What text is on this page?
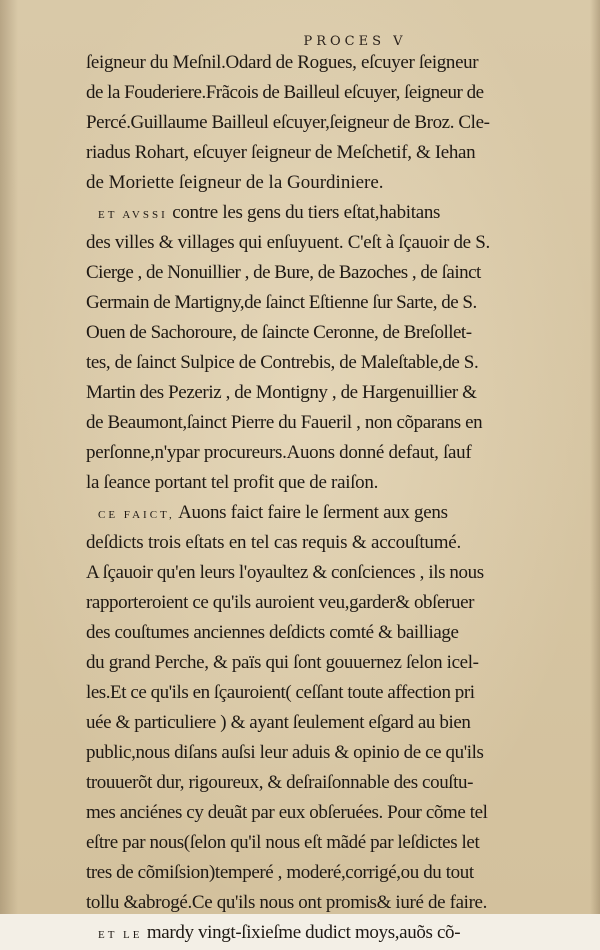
PROCES V
ſeigneur du Meſnil.Odard de Rogues, eſcuyer ſeigneur
de la Fouderiere.Frãcois de Bailleul eſcuyer, ſeigneur de
Percé.Guillaume Bailleul eſcuyer,ſeigneur de Broz. Cle-
riadus Rohart, eſcuyer ſeigneur de Meſchetif, & Iehan
de Moriette ſeigneur de la Gourdiniere.
ET AVSSI contre les gens du tiers eſtat,habitans
des villes & villages qui enſuyuent. C'eſt à ſçauoir de S.
Cierge , de Nonuillier , de Bure, de Bazoches , de ſainct
Germain de Martigny,de ſainct Eſtienne ſur Sarte, de S.
Ouen de Sachoroure, de ſaincte Ceronne, de Breſollet-
tes, de ſainct Sulpice de Contrebis, de Maleſtable,de S.
Martin des Pezeriz , de Montigny , de Hargenuillier &
de Beaumont,ſainct Pierre du Faueril , non cõparans en
perſonne,n'ypar procureurs.Auons donné defaut, ſauf
la ſeance portant tel profit que de raiſon.
CE FAICT, Auons faict faire le ſerment aux gens
deſdicts trois eſtats en tel cas requis & accouſtumé.
A ſçauoir qu'en leurs l'oyaultez & conſciences , ils nous
rapporteroient ce qu'ils auroient veu,garder& obſeruer
des couſtumes anciennes deſdicts comté & bailliage
du grand Perche, & païs qui ſont gouuernez ſelon icel-
les.Et ce qu'ils en ſçauroient( ceſſant toute affection pri
uée & particuliere ) & ayant ſeulement eſgard au bien
public,nous diſans auſsi leur aduis & opinio de ce qu'ils
trouuerõt dur, rigoureux, & deſraiſonnable des couſtu-
mes anciénes cy deuãt par eux obſeruées. Pour cõme tel
eſtre par nous(ſelon qu'il nous eſt mãdé par leſdictes let
tres de cõmiſsion)temperé , moderé,corrigé,ou du tout
tollu &abrogé.Ce qu'ils nous ont promis& iuré de faire.
ET LE mardy vingt-ſixieſme dudict moys,auõs cõ-
